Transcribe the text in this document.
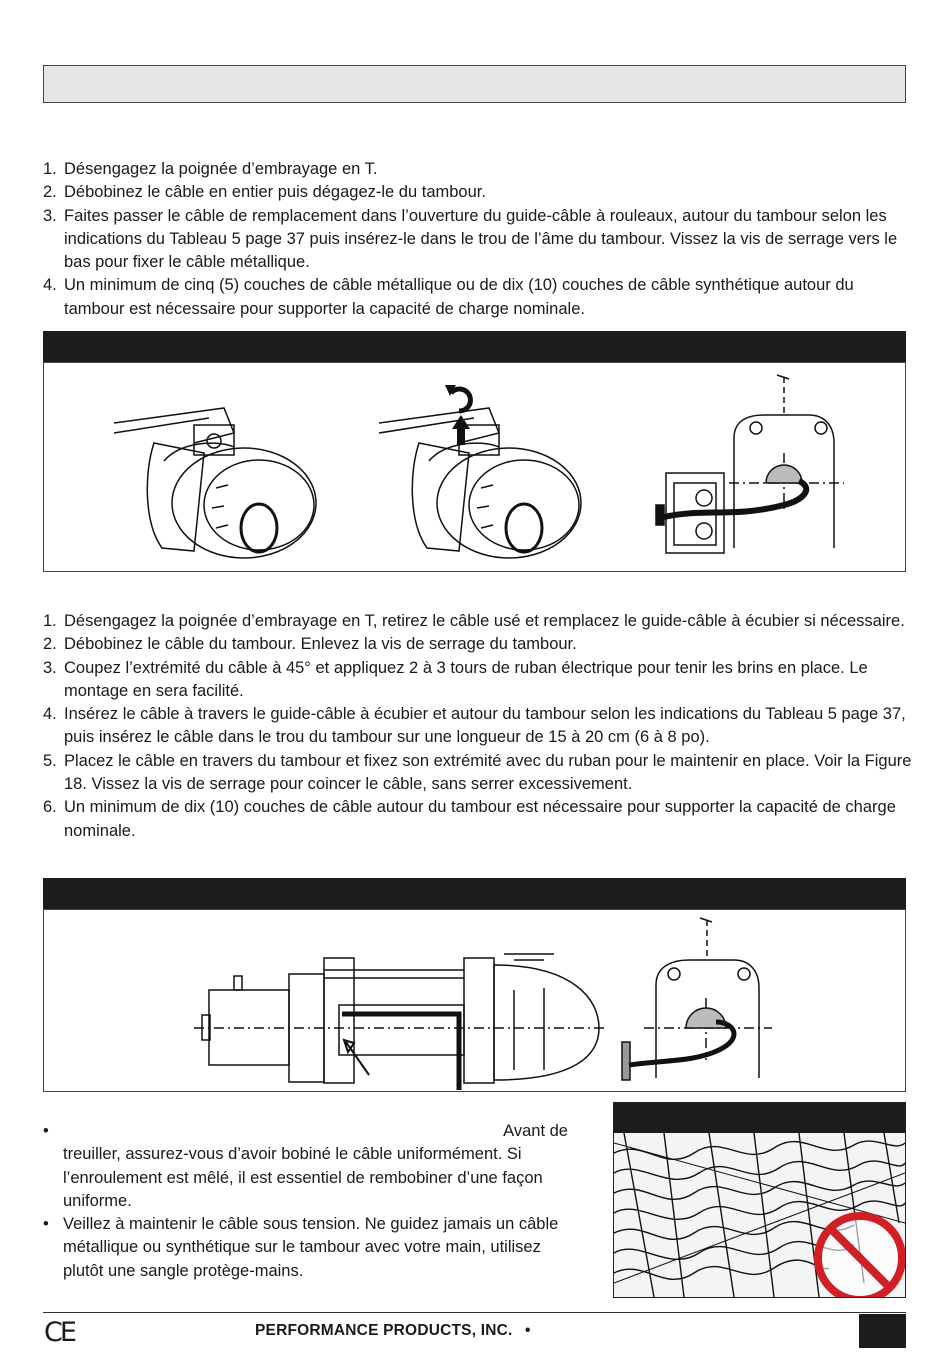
1. Désengagez la poignée d’embrayage en T.
2. Débobinez le câble en entier puis dégagez-le du tambour.
3. Faites passer le câble de remplacement dans l’ouverture du guide-câble à rouleaux, autour du tambour selon les indications du Tableau 5 page 37 puis insérez-le dans le trou de l’âme du tambour. Vissez la vis de serrage vers le bas pour fixer le câble métallique.
4. Un minimum de cinq (5) couches de câble métallique ou de dix (10) couches de câble synthétique autour du tambour est nécessaire pour supporter la capacité de charge nominale.
1. Désengagez la poignée d’embrayage en T, retirez le câble usé et remplacez le guide-câble à écubier si nécessaire.
2. Débobinez le câble du tambour. Enlevez la vis de serrage du tambour.
3. Coupez l’extrémité du câble à 45° et appliquez 2 à 3 tours de ruban électrique pour tenir les brins en place. Le montage en sera facilité.
4. Insérez le câble à travers le guide-câble à écubier et autour du tambour selon les indications du Tableau 5 page 37, puis insérez le câble dans le trou du tambour sur une longueur de 15 à 20 cm (6 à 8 po).
5. Placez le câble en travers du tambour et fixez son extrémité avec du ruban pour le maintenir en place. Voir la Figure 18. Vissez la vis de serrage pour coincer le câble, sans serrer excessivement.
6. Un minimum de dix (10) couches de câble autour du tambour est nécessaire pour supporter la capacité de charge nominale.
•	Avant de
treuiller, assurez-vous d’avoir bobiné le câble uniformément. Si l’enroulement est mêlé, il est essentiel de rembobiner d’une façon uniforme.
• Veillez à maintenir le câble sous tension. Ne guidez jamais un câble métallique ou synthétique sur le tambour avec votre main, utilisez plutôt une sangle protège-mains.
CE	PERFORMANCE PRODUCTS, INC. •
